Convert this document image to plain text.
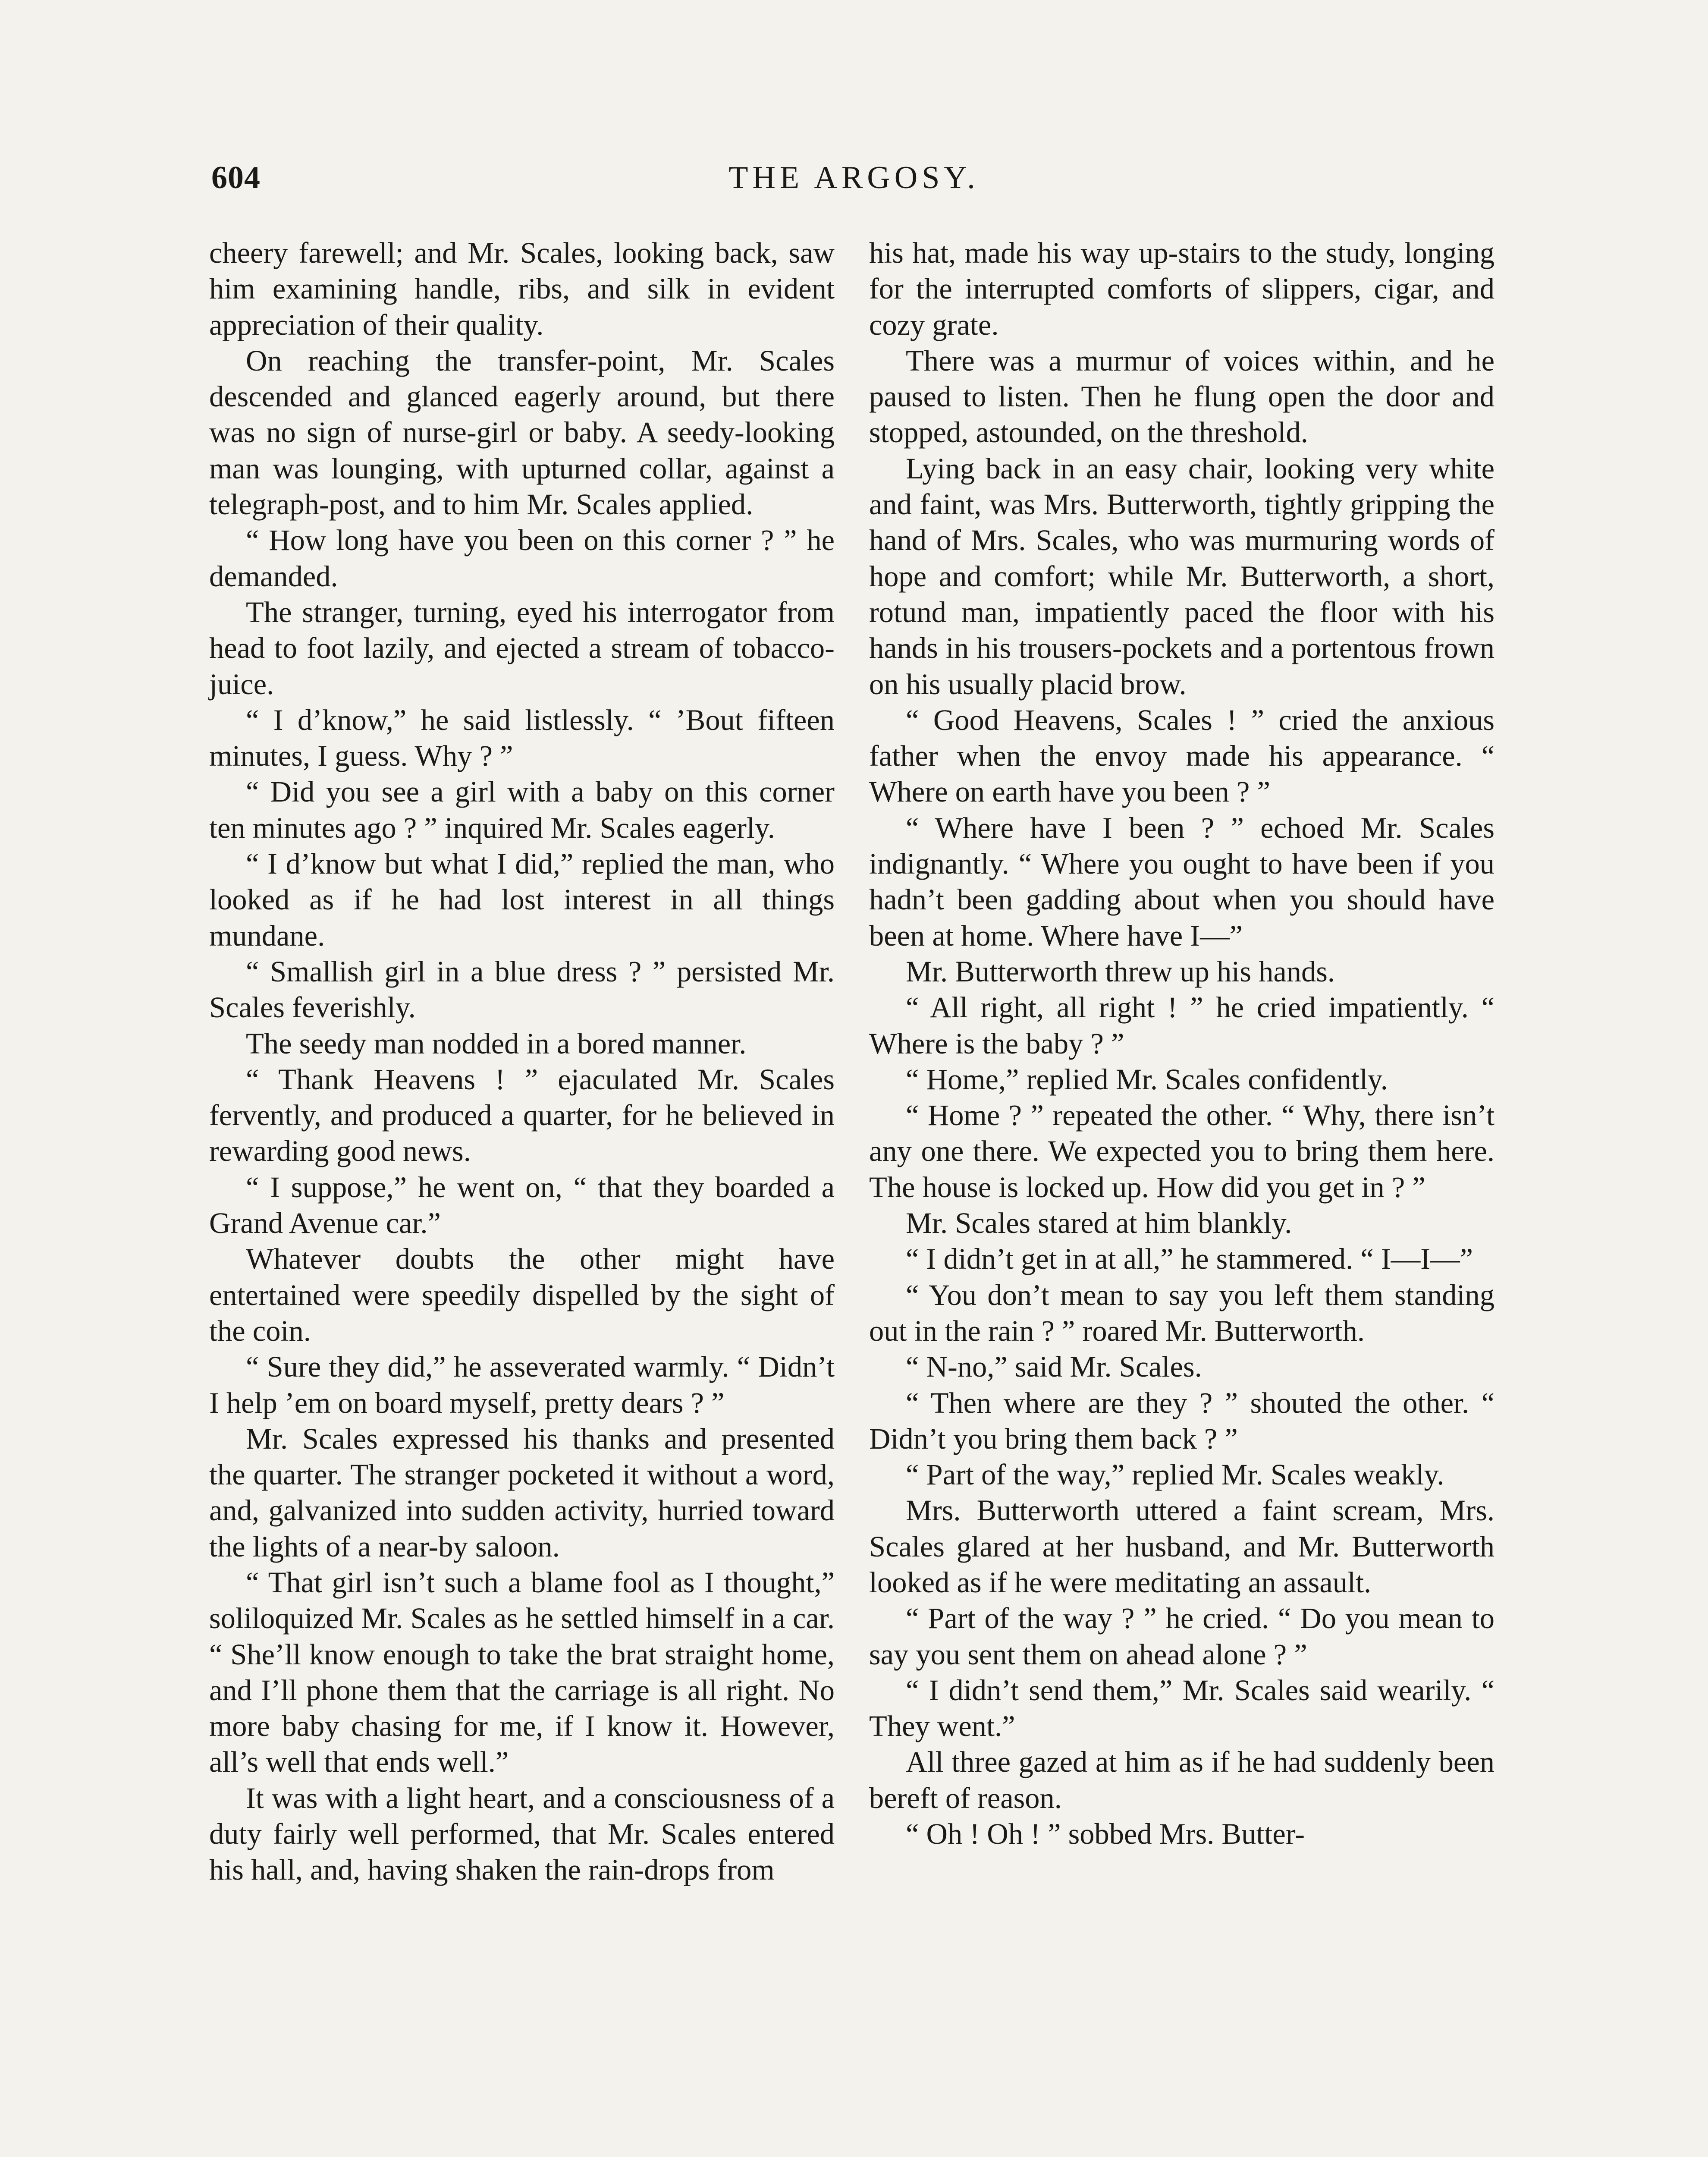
604	THE ARGOSY.

cheery farewell; and Mr. Scales, looking back, saw him examining handle, ribs, and silk in evident appreciation of their quality.

On reaching the transfer-point, Mr. Scales descended and glanced eagerly around, but there was no sign of nurse-girl or baby. A seedy-looking man was lounging, with upturned collar, against a telegraph-post, and to him Mr. Scales applied.

“ How long have you been on this corner ? ” he demanded.

The stranger, turning, eyed his interrogator from head to foot lazily, and ejected a stream of tobacco-juice.

“ I d’know,” he said listlessly. “ ’Bout fifteen minutes, I guess. Why ? ”

“ Did you see a girl with a baby on this corner ten minutes ago ? ” inquired Mr. Scales eagerly.

“ I d’know but what I did,” replied the man, who looked as if he had lost interest in all things mundane.

“ Smallish girl in a blue dress ? ” persisted Mr. Scales feverishly.

The seedy man nodded in a bored manner.

“ Thank Heavens ! ” ejaculated Mr. Scales fervently, and produced a quarter, for he believed in rewarding good news.

“ I suppose,” he went on, “ that they boarded a Grand Avenue car.”

Whatever doubts the other might have entertained were speedily dispelled by the sight of the coin.

“ Sure they did,” he asseverated warmly. “ Didn’t I help ’em on board myself, pretty dears ? ”

Mr. Scales expressed his thanks and presented the quarter. The stranger pocketed it without a word, and, galvanized into sudden activity, hurried toward the lights of a near-by saloon.

“ That girl isn’t such a blame fool as I thought,” soliloquized Mr. Scales as he settled himself in a car. “ She’ll know enough to take the brat straight home, and I’ll phone them that the carriage is all right. No more baby chasing for me, if I know it. However, all’s well that ends well.”

It was with a light heart, and a consciousness of a duty fairly well performed, that Mr. Scales entered his hall, and, having shaken the rain-drops from

his hat, made his way up-stairs to the study, longing for the interrupted comforts of slippers, cigar, and cozy grate.

There was a murmur of voices within, and he paused to listen. Then he flung open the door and stopped, astounded, on the threshold.

Lying back in an easy chair, looking very white and faint, was Mrs. Butterworth, tightly gripping the hand of Mrs. Scales, who was murmuring words of hope and comfort; while Mr. Butterworth, a short, rotund man, impatiently paced the floor with his hands in his trousers-pockets and a portentous frown on his usually placid brow.

“ Good Heavens, Scales ! ” cried the anxious father when the envoy made his appearance. “ Where on earth have you been ? ”

“ Where have I been ? ” echoed Mr. Scales indignantly. “ Where you ought to have been if you hadn’t been gadding about when you should have been at home. Where have I—”

Mr. Butterworth threw up his hands.

“ All right, all right ! ” he cried impatiently. “ Where is the baby ? ”

“ Home,” replied Mr. Scales confidently.

“ Home ? ” repeated the other. “ Why, there isn’t any one there. We expected you to bring them here. The house is locked up. How did you get in ? ”

Mr. Scales stared at him blankly.

“ I didn’t get in at all,” he stammered. “ I—I—”

“ You don’t mean to say you left them standing out in the rain ? ” roared Mr. Butterworth.

“ N-no,” said Mr. Scales.

“ Then where are they ? ” shouted the other. “ Didn’t you bring them back ? ”

“ Part of the way,” replied Mr. Scales weakly.

Mrs. Butterworth uttered a faint scream, Mrs. Scales glared at her husband, and Mr. Butterworth looked as if he were meditating an assault.

“ Part of the way ? ” he cried. “ Do you mean to say you sent them on ahead alone ? ”

“ I didn’t send them,” Mr. Scales said wearily. “ They went.”

All three gazed at him as if he had suddenly been bereft of reason.

“ Oh ! Oh ! ” sobbed Mrs. Butter-
